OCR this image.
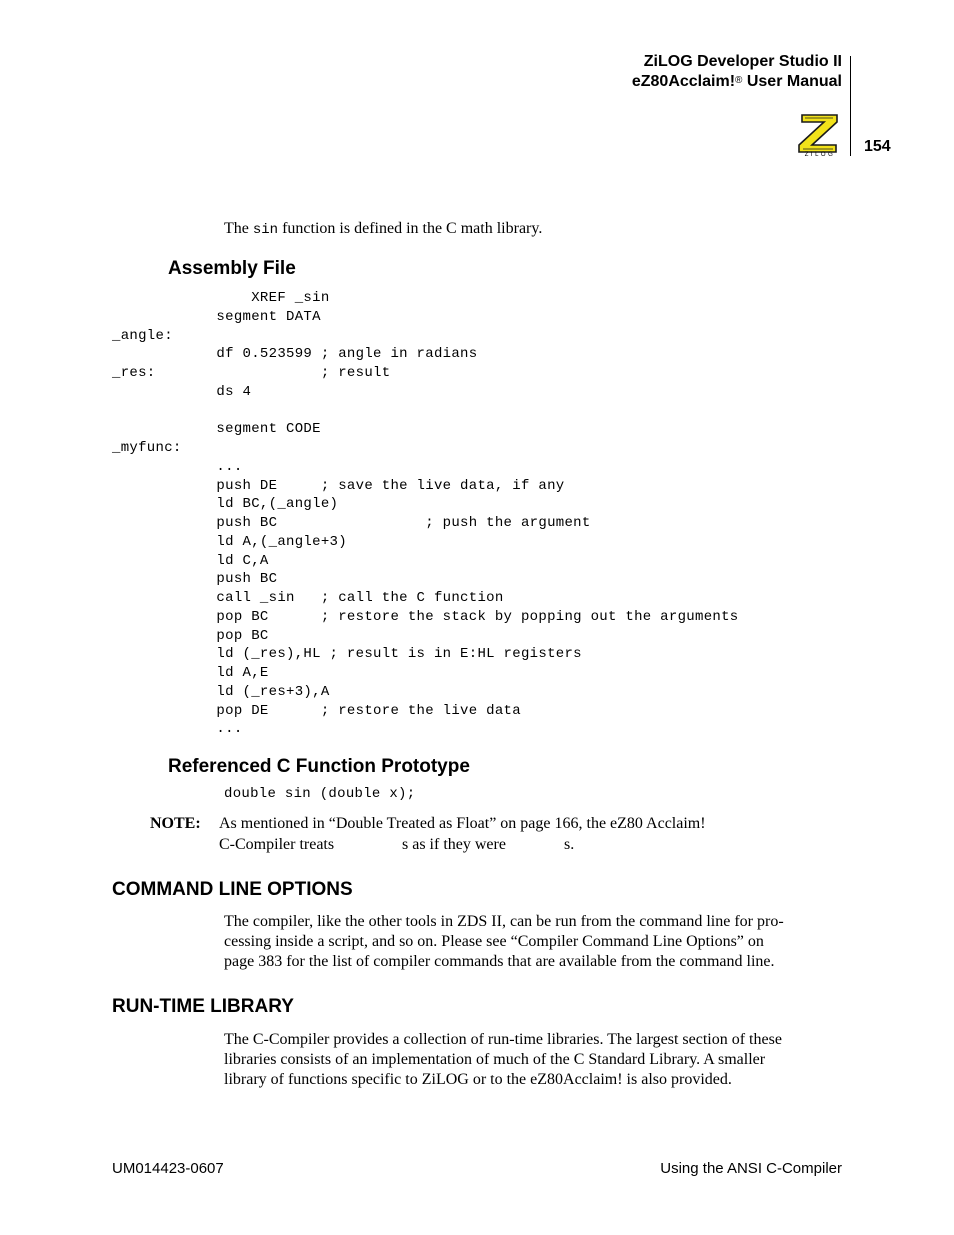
ZiLOG Developer Studio II
eZ80Acclaim!® User Manual
ZILOG	154
The sin function is defined in the C math library.
Assembly File
XREF _sin
segment DATA
_angle:
df 0.523599 ; angle in radians
_res:                   ; result
ds 4

segment CODE
_myfunc:
...
push DE     ; save the live data, if any
ld BC,(_angle)
push BC                 ; push the argument
ld A,(_angle+3)
ld C,A
push BC
call _sin   ; call the C function
pop BC      ; restore the stack by popping out the arguments
pop BC
ld (_res),HL ; result is in E:HL registers
ld A,E
ld (_res+3),A
pop DE      ; restore the live data
...
Referenced C Function Prototype
double sin (double x);
NOTE: As mentioned in “Double Treated as Float” on page 166, the eZ80 Acclaim!
C-Compiler treats	s as if they were	s.
COMMAND LINE OPTIONS
The compiler, like the other tools in ZDS II, can be run from the command line for pro-
cessing inside a script, and so on. Please see “Compiler Command Line Options” on
page 383 for the list of compiler commands that are available from the command line.
RUN-TIME LIBRARY
The C-Compiler provides a collection of run-time libraries. The largest section of these
libraries consists of an implementation of much of the C Standard Library. A smaller
library of functions specific to ZiLOG or to the eZ80Acclaim! is also provided.
UM014423-0607	Using the ANSI C-Compiler
